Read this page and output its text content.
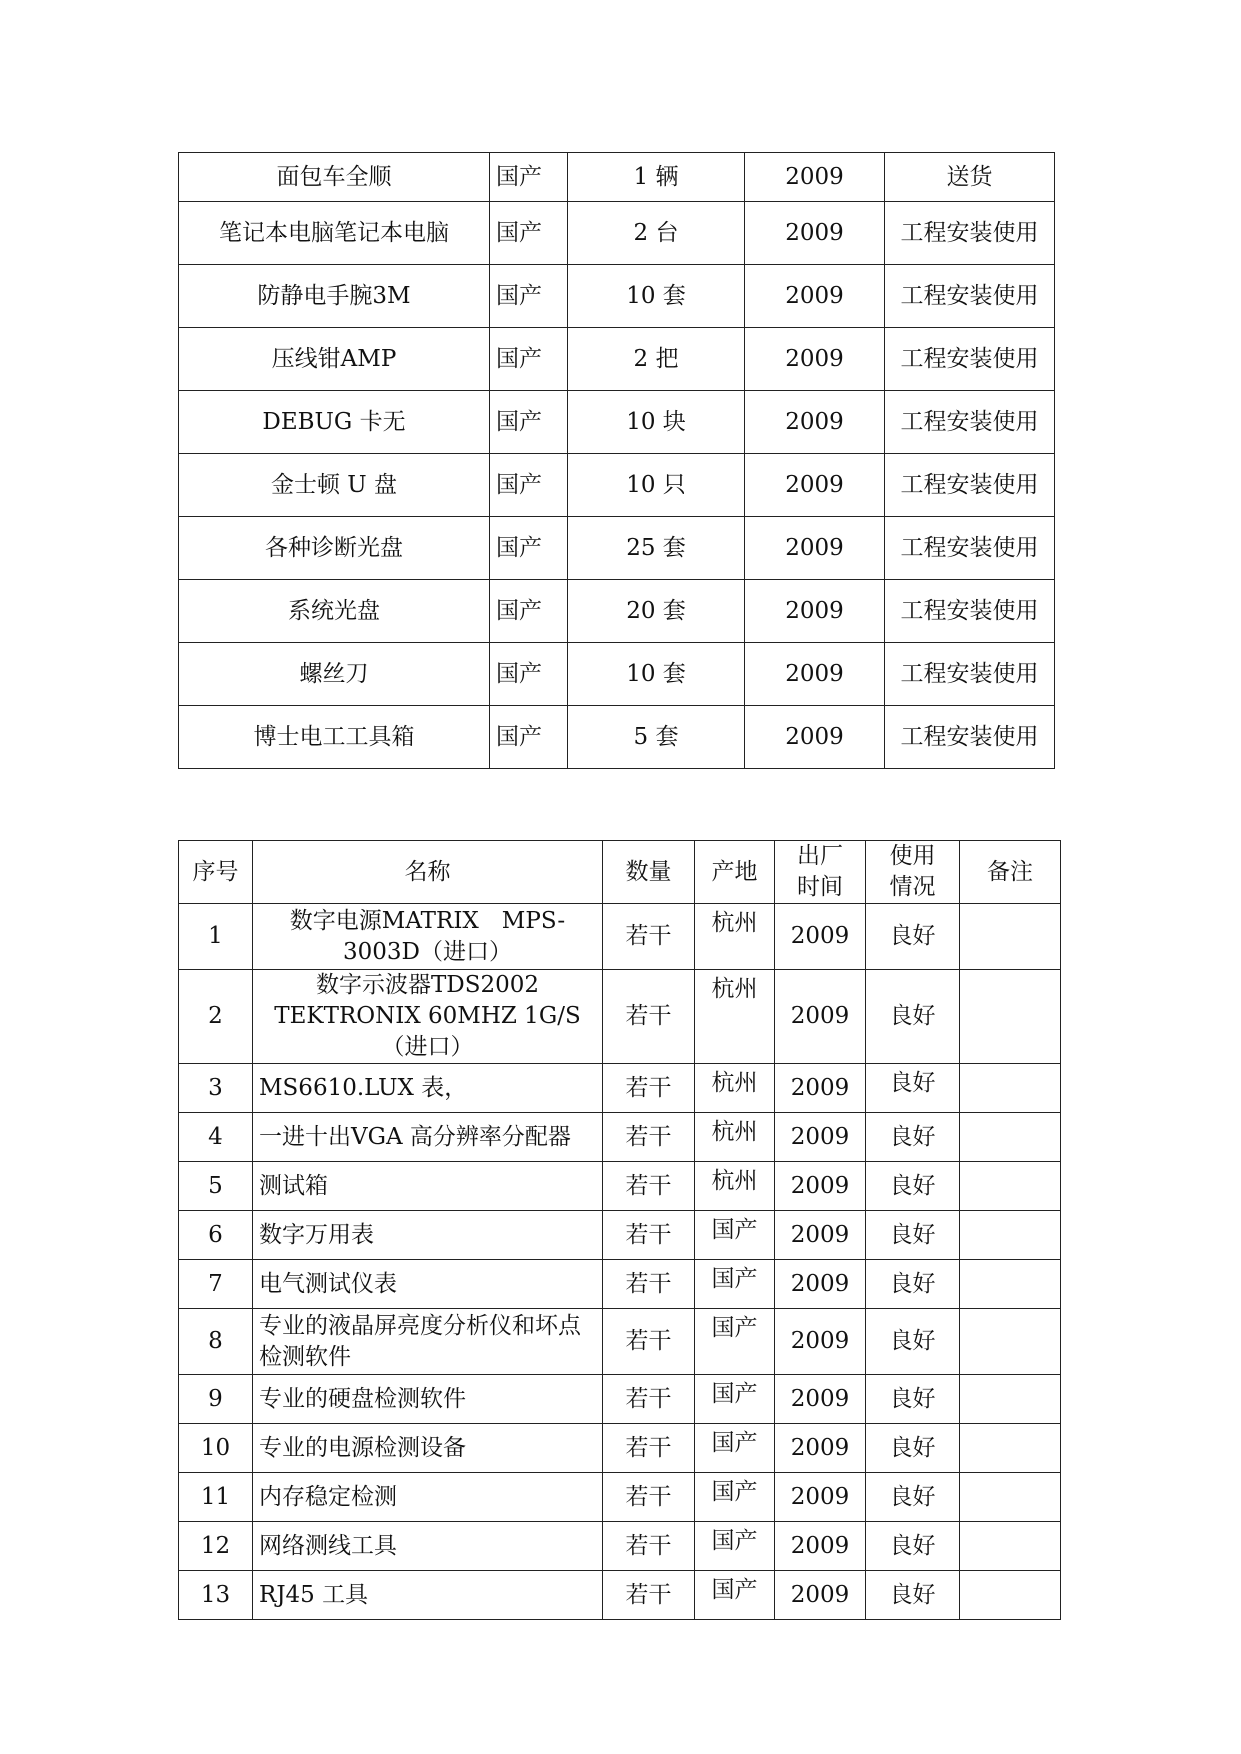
面包车全顺	国产	1 辆	2009	送货
笔记本电脑笔记本电脑	国产	2 台	2009	工程安装使用
防静电手腕3M	国产	10 套	2009	工程安装使用
压线钳AMP	国产	2 把	2009	工程安装使用
DEBUG 卡无	国产	10 块	2009	工程安装使用
金士顿 U 盘	国产	10 只	2009	工程安装使用
各种诊断光盘	国产	25 套	2009	工程安装使用
系统光盘	国产	20 套	2009	工程安装使用
螺丝刀	国产	10 套	2009	工程安装使用
博士电工工具箱	国产	5 套	2009	工程安装使用
序号	名称	数量	产地	出厂时间	使用情况	备注
1	数字电源MATRIX　MPS-3003D（进口）	若干	杭州	2009	良好	
2	数字示波器TDS2002 TEKTRONIX 60MHZ 1G/S（进口）	若干	杭州	2009	良好	
3	MS6610.LUX 表，	若干	杭州	2009	良好	
4	一进十出VGA 高分辨率分配器	若干	杭州	2009	良好	
5	测试箱	若干	杭州	2009	良好	
6	数字万用表	若干	国产	2009	良好	
7	电气测试仪表	若干	国产	2009	良好	
8	专业的液晶屏亮度分析仪和坏点检测软件	若干	国产	2009	良好	
9	专业的硬盘检测软件	若干	国产	2009	良好	
10	专业的电源检测设备	若干	国产	2009	良好	
11	内存稳定检测	若干	国产	2009	良好	
12	网络测线工具	若干	国产	2009	良好	
13	RJ45 工具	若干	国产	2009	良好	
